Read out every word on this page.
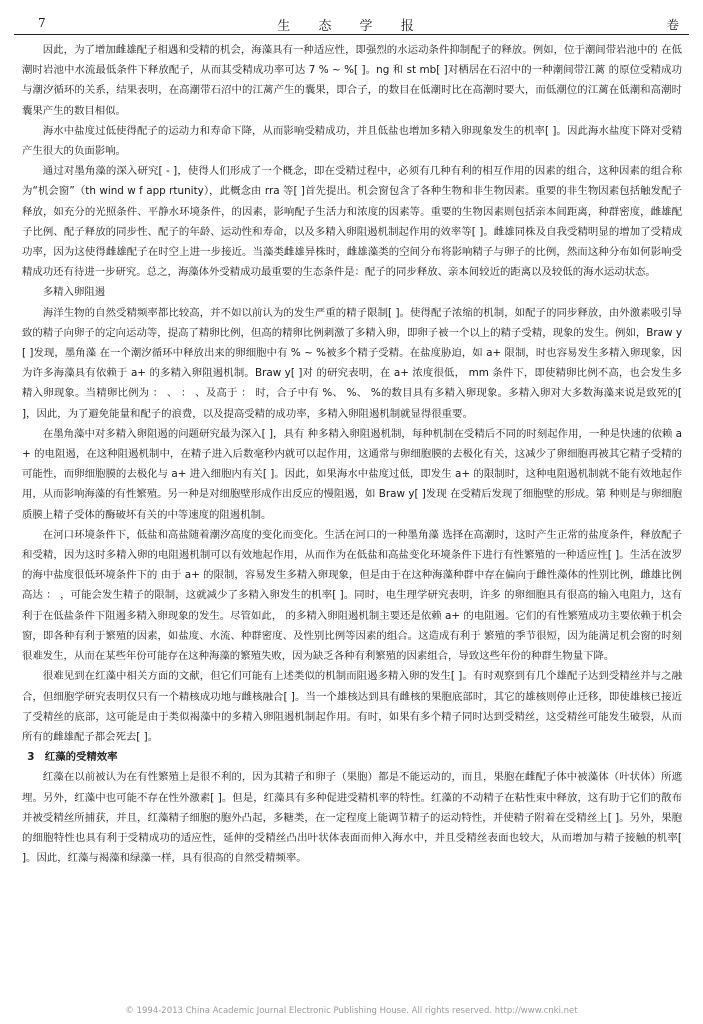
7	生 态 学 报	卷

因此，为了增加雌雄配子相遇和受精的机会，海藻具有一种适应性，即强烈的水运动条件抑制配子的释放。例如，位于潮间带岩池中的 在低潮时岩池中水流最低条件下释放配子，从而其受精成功率可达 7 % ~ %[ ]。ng 和 st mb[ ]对栖居在石沼中的一种潮间带江蓠 的原位受精成功与潮汐循环的关系，结果表明，在高潮带石沼中的江蓠产生的囊果，即合子，的数目在低潮时比在高潮时要大，而低潮位的江蓠在低潮和高潮时囊果产生的数目相似。

海水中盐度过低使得配子的运动力和寿命下降，从而影响受精成功，并且低盐也增加多精入卵现象发生的机率[ ]。因此海水盐度下降对受精产生很大的负面影响。

通过对墨角藻的深入研究[ - ]，使得人们形成了一个概念，即在受精过程中，必须有几种有利的相互作用的因素的组合，这种因素的组合称为“机会窗”（th wind w f app rtunity），此概念由 rra 等[ ]首先提出。机会窗包含了各种生物和非生物因素。重要的非生物因素包括触发配子释放，如充分的光照条件、平静水环境条件，的因素，影响配子生活力和浓度的因素等。重要的生物因素则包括亲本间距离，种群密度，雌雄配子比例、配子释放的同步性、配子的年龄、运动性和寿命，以及多精入卵阻遏机制起作用的效率等[ ]。雌雄同株及自我受精明显的增加了受精成功率，因为这使得雌雄配子在时空上进一步接近。当藻类雌雄异株时，雌雄藻类的空间分布将影响精子与卵子的比例，然而这种分布如何影响受精成功还有待进一步研究。总之，海藻体外受精成功最重要的生态条件是：配子的同步释放、亲本间较近的距离以及较低的海水运动状态。

多精入卵阻遏

海洋生物的自然受精频率都比较高，并不如以前认为的发生严重的精子限制[ ]。使得配子浓缩的机制，如配子的同步释放，由外激素吸引导致的精子向卵子的定向运动等，提高了精卵比例，但高的精卵比例刺激了多精入卵，即卵子被一个以上的精子受精，现象的发生。例如，Braw y[ ]发现，墨角藻 在一个潮汐循环中释放出来的卵细胞中有 % ~ %被多个精子受精。在盐度胁迫，如 a+ 限制，时也容易发生多精入卵现象，因为许多海藻具有依赖于 a+ 的多精入卵阻遏机制。Braw y[ ]对 的研究表明，在 a+ 浓度很低， mm 条件下，即使精卵比例不高，也会发生多精入卵现象。当精卵比例为 ： 、 ： 、及高于 ： 时，合子中有 %、 %、 %的数目具有多精入卵现象。多精入卵对大多数海藻来说是致死的[ ]，因此，为了避免能量和配子的浪费，以及提高受精的成功率，多精入卵阻遏机制就显得很重要。

在墨角藻中对多精入卵阻遏的问题研究最为深入[ ]，具有 种多精入卵阻遏机制，每种机制在受精后不同的时刻起作用，一种是快速的依赖 a+ 的电阻遏，在这种阻遏机制中，在精子进入后数毫秒内就可以起作用，这通常与卵细胞膜的去极化有关，这减少了卵细胞再被其它精子受精的可能性，而卵细胞膜的去极化与 a+ 进入细胞内有关[ ]。因此，如果海水中盐度过低，即发生 a+ 的限制时，这种电阻遏机制就不能有效地起作用，从而影响海藻的有性繁殖。另一种是对细胞壁形成作出反应的慢阻遏，如 Braw y[ ]发现 在受精后发现了细胞壁的形成。第 种则是与卵细胞质膜上精子受体的酶破坏有关的中等速度的阻遏机制。

在河口环境条件下，低盐和高盐随着潮汐高度的变化而变化。生活在河口的一种墨角藻 选择在高潮时，这时产生正常的盐度条件，释放配子和受精，因为这时多精入卵的电阻遏机制可以有效地起作用，从而作为在低盐和高盐变化环境条件下进行有性繁殖的一种适应性[ ]。生活在波罗的海中盐度很低环境条件下的 由于 a+ 的限制，容易发生多精入卵现象，但是由于在这种海藻种群中存在偏向于雌性藻体的性别比例，雌雄比例高达 ： ，可能会发生精子的限制，这就减少了多精入卵发生的机率[ ]。同时，电生理学研究表明，许多 的卵细胞具有很高的输入电阻力，这有利于在低盐条件下阻遏多精入卵现象的发生。尽管如此， 的多精入卵阻遏机制主要还是依赖 a+ 的电阻遏。它们的有性繁殖成功主要依赖于机会窗，即各种有利于繁殖的因素，如盐度、水流、种群密度、及性别比例等因素的组合。这造成有利于 繁殖的季节很短，因为能满足机会窗的时刻很难发生，从而在某些年份可能存在这种海藻的繁殖失败，因为缺乏各种有利繁殖的因素组合，导致这些年份的种群生物量下降。

很难见到在红藻中相关方面的文献，但它们可能有上述类似的机制而阻遏多精入卵的发生[ ]。有时观察到有几个雄配子达到受精丝并与之融合，但细胞学研究表明仅只有一个精核成功地与雌核融合[ ]。当一个雄核达到具有雌核的果胞底部时，其它的雄核则停止迁移，即使雄核已接近了受精丝的底部，这可能是由于类似褐藻中的多精入卵阻遏机制起作用。有时，如果有多个精子同时达到受精丝，这受精丝可能发生破裂，从而所有的雌雄配子都会死去[ ]。

3　红藻的受精效率

红藻在以前被认为在有性繁殖上是很不利的，因为其精子和卵子（果胞）都是不能运动的，而且，果胞在雌配子体中被藻体（叶状体）所遮埋。另外，红藻中也可能不存在性外激素[ ]。但是，红藻具有多种促进受精机率的特性。红藻的不动精子在粘性束中释放，这有助于它们的散布并被受精丝所捕获，并且，红藻精子细胞的胞外凸起，多糖类，在一定程度上能调节精子的运动特性，并使精子附着在受精丝上[ ]。另外，果胞的细胞特性也具有利于受精成功的适应性，延伸的受精丝凸出叶状体表面而伸入海水中，并且受精丝表面也较大，从而增加与精子接触的机率[ ]。因此，红藻与褐藻和绿藻一样，具有很高的自然受精频率。

© 1994-2013 China Academic Journal Electronic Publishing House. All rights reserved. http://www.cnki.net
